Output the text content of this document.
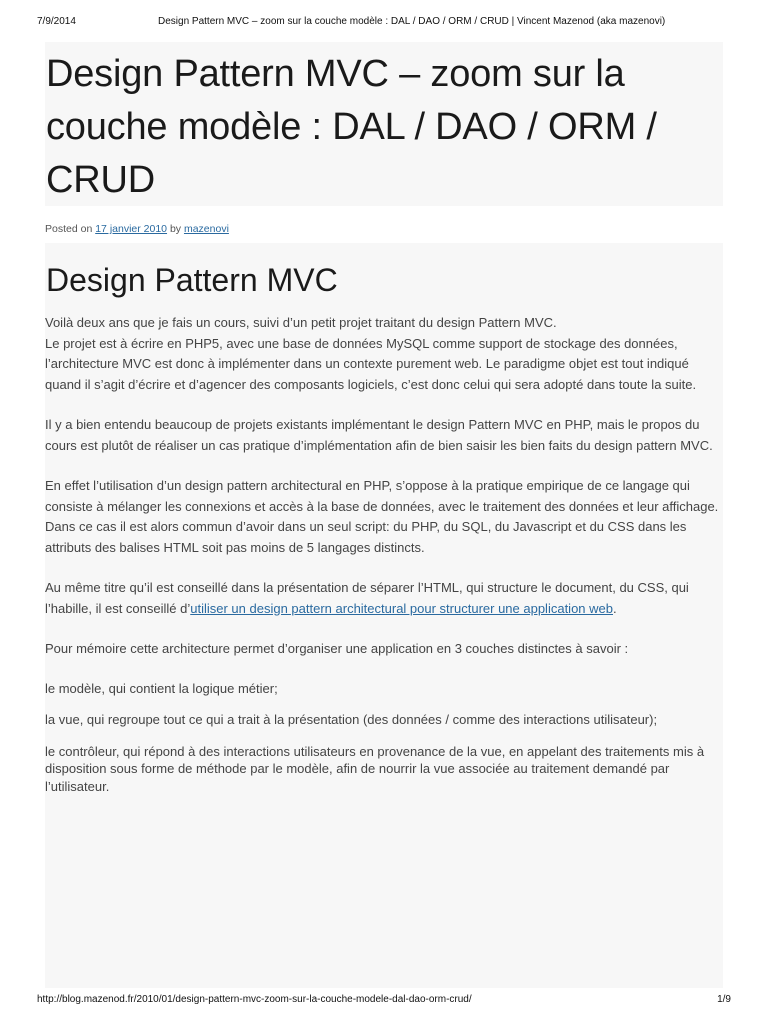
7/9/2014	Design Pattern MVC – zoom sur la couche modèle : DAL / DAO / ORM / CRUD | Vincent Mazenod (aka mazenovi)
Design Pattern MVC – zoom sur la couche modèle : DAL / DAO / ORM / CRUD
Posted on 17 janvier 2010 by mazenovi
Design Pattern MVC

Voilà deux ans que je fais un cours, suivi d’un petit projet traitant du design Pattern MVC.
Le projet est à écrire en PHP5, avec une base de données MySQL comme support de stockage des données, l’architecture MVC est donc à implémenter dans un contexte purement web. Le paradigme objet est tout indiqué quand il s’agit d’écrire et d’agencer des composants logiciels, c’est donc celui qui sera adopté dans toute la suite.

Il y a bien entendu beaucoup de projets existants implémentant le design Pattern MVC en PHP, mais le propos du cours est plutôt de réaliser un cas pratique d’implémentation afin de bien saisir les bien faits du design pattern MVC.

En effet l’utilisation d’un design pattern architectural en PHP, s’oppose à la pratique empirique de ce langage qui consiste à mélanger les connexions et accès à la base de données, avec le traitement des données et leur affichage. Dans ce cas il est alors commun d’avoir dans un seul script: du PHP, du SQL, du Javascript et du CSS dans les attributs des balises HTML soit pas moins de 5 langages distincts.

Au même titre qu’il est conseillé dans la présentation de séparer l’HTML, qui structure le document, du CSS, qui l’habille, il est conseillé d’utiliser un design pattern architectural pour structurer une application web.

Pour mémoire cette architecture permet d’organiser une application en 3 couches distinctes à savoir :

le modèle, qui contient la logique métier;

la vue, qui regroupe tout ce qui a trait à la présentation (des données / comme des interactions utilisateur);

le contrôleur, qui répond à des interactions utilisateurs en provenance de la vue, en appelant des traitements mis à disposition sous forme de méthode par le modèle, afin de nourrir la vue associée au traitement demandé par l’utilisateur.

http://blog.mazenod.fr/2010/01/design-pattern-mvc-zoom-sur-la-couche-modele-dal-dao-orm-crud/	1/9
